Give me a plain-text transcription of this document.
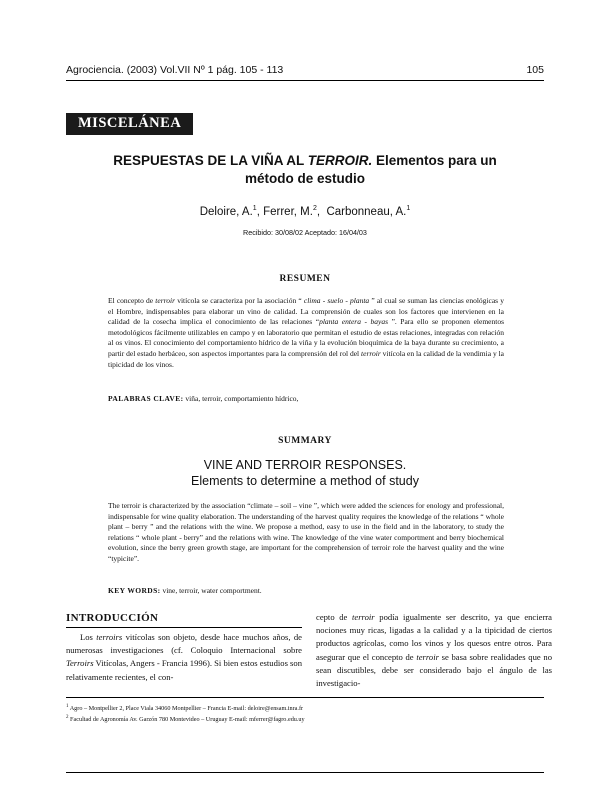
Agrociencia. (2003) Vol.VII Nº 1 pág. 105 - 113	105
MISCELÁNEA
RESPUESTAS DE LA VIÑA AL TERROIR. Elementos para un
método de estudio
Deloire, A.$^1$, Ferrer, M.$^2$,  Carbonneau, A.$^1$
Recibido: 30/08/02 Aceptado: 16/04/03
RESUMEN
El concepto de terroir vitícola se caracteriza por la asociación “ clima - suelo - planta ” al cual se suman las ciencias enológicas y el Hombre, indispensables para elaborar un vino de calidad. La comprensión de cuales son los factores que intervienen en la calidad de la cosecha implica el conocimiento de las relaciones “planta entera - bayas ”. Para ello se proponen elementos metodológicos fácilmente utilizables en campo y en laboratorio que permitan el estudio de estas relaciones, integradas con relación al os vinos. El conocimiento del comportamiento hídrico de la viña y la evolución bioquímica de la baya durante su crecimiento, a partir del estado herbáceo, son aspectos importantes para la comprensión del rol del terroir vitícola en la calidad de la vendimia y la tipicidad de los vinos.
PALABRAS CLAVE: viña, terroir, comportamiento hídrico,
SUMMARY
VINE AND TERROIR RESPONSES.
Elements to determine a method of study
The terroir is characterized by the association “climate – soil – vine ”, which were added the sciences for enology and professional, indispensable for wine quality elaboration. The understanding of the harvest quality requires the knowledge of the relations “ whole plant – berry ” and the relations with the wine. We propose a method, easy to use in the field and in the laboratory, to study the relations “ whole plant - berry” and the relations with wine. The knowledge of the vine water comportment and berry biochemical evolution, since the berry green growth stage, are important for the comprehension of terroir role the harvest quality and the wine “typicite”.
KEY WORDS: vine, terroir, water comportment.
INTRODUCCIÓN
Los terroirs vitícolas son objeto, desde hace muchos años, de numerosas investigaciones (cf. Coloquio Internacional sobre Terroirs Vitícolas, Angers - Francia 1996). Si bien estos estudios son relativamente recientes, el con-
cepto de terroir podía igualmente ser descrito, ya que encierra nociones muy ricas, ligadas a la calidad y a la tipicidad de ciertos productos agrícolas, como los vinos y los quesos entre otros. Para asegurar que el concepto de terroir se basa sobre realidades que no sean discutibles, debe ser considerado bajo el ángulo de las investigacio-
$^1$ Agro – Montpellier 2, Place Viala 34060 Montpellier – Francia E-mail: deloire@ensam.inra.fr
$^2$ Facultad de Agronomía Av. Garzón 780 Montevideo – Uruguay E-mail: mferrer@fagro.edu.uy
